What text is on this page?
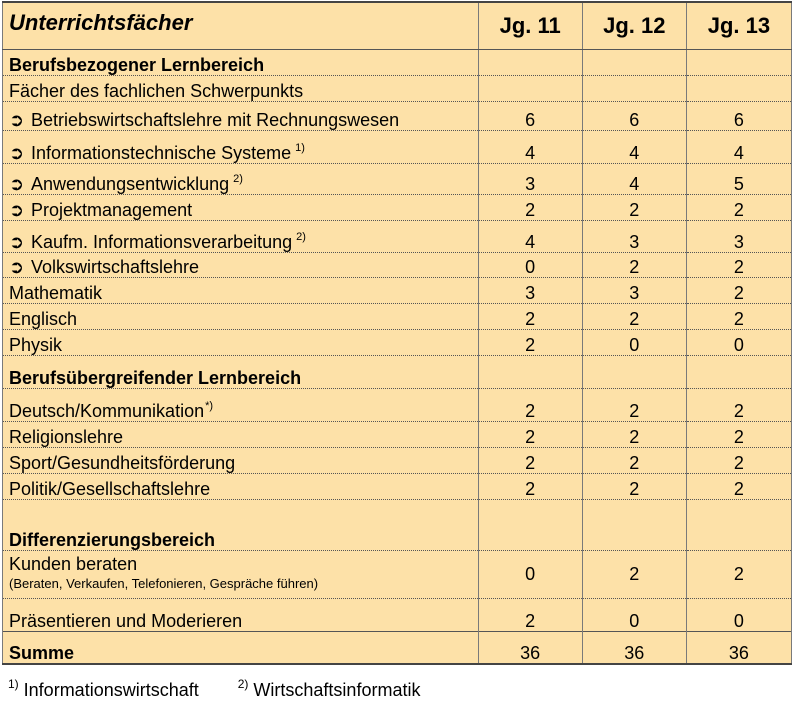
Unterrichtsfächer	Jg. 11	Jg. 12	Jg. 13
Berufsbezogener Lernbereich			
Fächer des fachlichen Schwerpunkts			
➲ Betriebswirtschaftslehre mit Rechnungswesen	6	6	6
➲ Informationstechnische Systeme $^{1)}$	4	4	4
➲ Anwendungsentwicklung $^{2)}$	3	4	5
➲ Projektmanagement	2	2	2
➲ Kaufm. Informationsverarbeitung $^{2)}$	4	3	3
➲ Volkswirtschaftslehre	0	2	2
Mathematik	3	3	2
Englisch	2	2	2
Physik	2	0	0
Berufsübergreifender Lernbereich			
Deutsch/Kommunikation*)	2	2	2
Religionslehre	2	2	2
Sport/Gesundheitsförderung	2	2	2
Politik/Gesellschaftslehre	2	2	2
Differenzierungsbereich			

Kunden beraten
(Beraten, Verkaufen, Telefonieren, Gespräche führen)	0	2	2
Präsentieren und Moderieren	2	0	0
Summe	36	36	36
$^{1)}$ Informationswirtschaft	$^{2)}$ Wirtschaftsinformatik
